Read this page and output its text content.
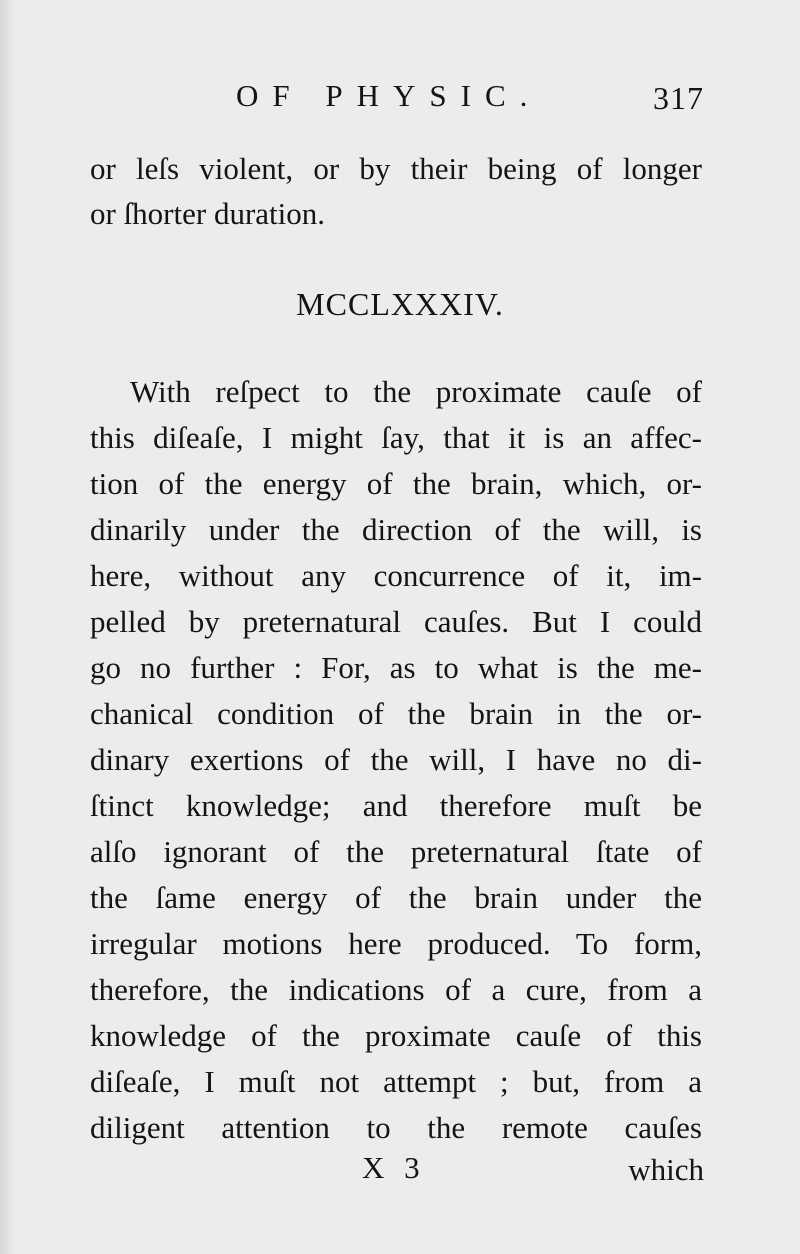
OF PHYSIC.	317
or leſs violent, or by their being of longer
or ſhorter duration.
MCCLXXXIV.
With reſpect to the proximate cauſe of
this diſeaſe, I might ſay, that it is an affec-
tion of the energy of the brain, which, or-
dinarily under the direction of the will, is
here, without any concurrence of it, im-
pelled by preternatural cauſes. But I could
go no further : For, as to what is the me-
chanical condition of the brain in the or-
dinary exertions of the will, I have no di-
ſtinct knowledge; and therefore muſt be
alſo ignorant of the preternatural ſtate of
the ſame energy of the brain under the
irregular motions here produced. To form,
therefore, the indications of a cure, from a
knowledge of the proximate cauſe of this
diſeaſe, I muſt not attempt ; but, from a
diligent attention to the remote cauſes
X 3	which
